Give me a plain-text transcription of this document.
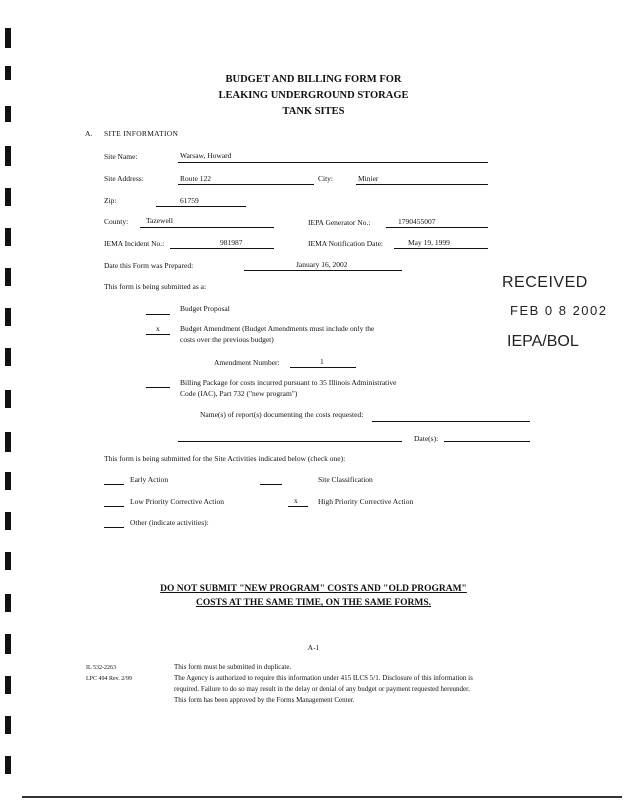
BUDGET AND BILLING FORM FOR
LEAKING UNDERGROUND STORAGE
TANK SITES
A. SITE INFORMATION
Site Name:	Warsaw, Howard
Site Address:	Route 122	City:	Minier
Zip:	61759
County: Tazewell	IEPA Generator No.:	1790455007
IEMA Incident No.:	981987	IEMA Notification Date:	May 19, 1999
Date this Form was Prepared:	January 16, 2002
This form is being submitted as a:
Budget Proposal
x	Budget Amendment (Budget Amendments must include only the
costs over the previous budget)
Amendment Number:	1
Billing Package for costs incurred pursuant to 35 Illinois Administrative
Code (IAC), Part 732 ("new program")
Name(s) of report(s) documenting the costs requested:
Date(s):
This form is being submitted for the Site Activities indicated below (check one):
Early Action	Site Classification
Low Priority Corrective Action	x	High Priority Corrective Action
Other (indicate activities):
RECEIVED
FEB 0 8 2002
IEPA/BOL
DO NOT SUBMIT "NEW PROGRAM" COSTS AND "OLD PROGRAM"
COSTS AT THE SAME TIME, ON THE SAME FORMS.
A-1
IL 532-2263
LPC 494 Rev. 2/99
This form must be submitted in duplicate.
The Agency is authorized to require this information under 415 ILCS 5/1. Disclosure of this information is
required. Failure to do so may result in the delay or denial of any budget or payment requested hereunder.
This form has been approved by the Forms Management Center.
